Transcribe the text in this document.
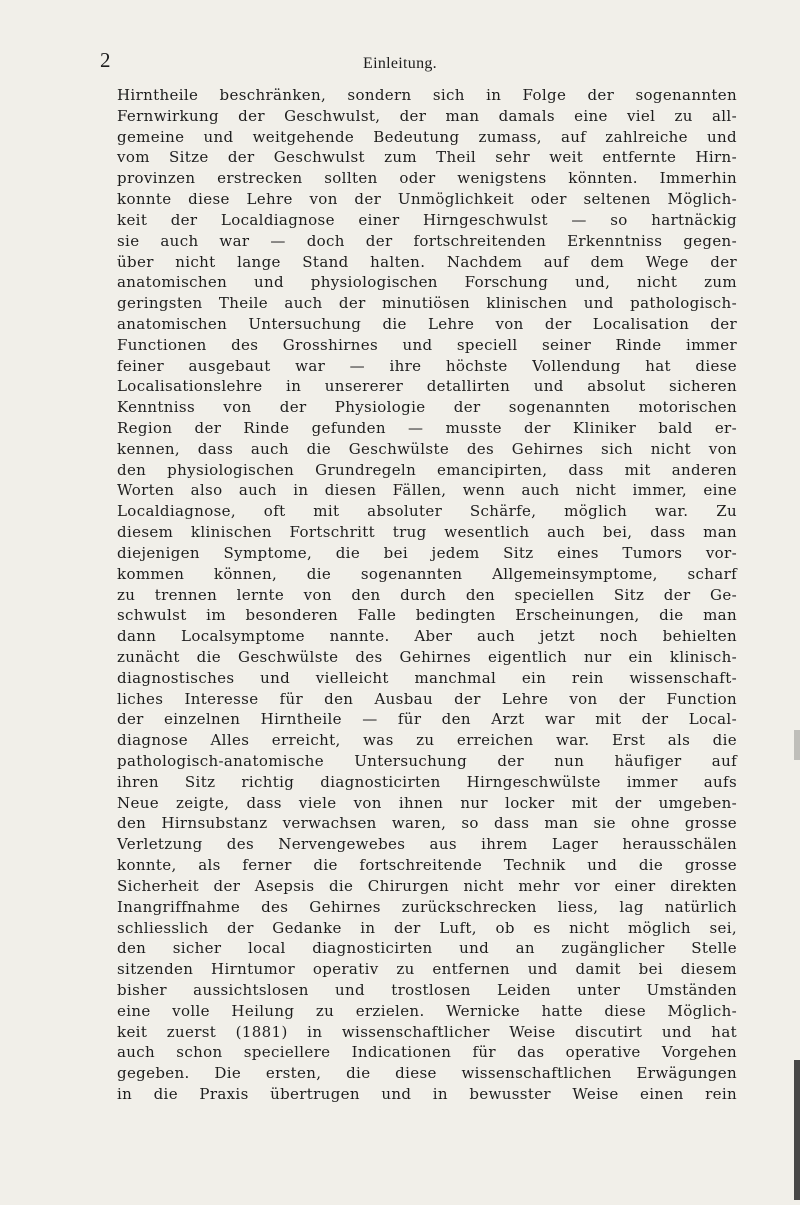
2	Einleitung.
Hirntheile beschränken, sondern sich in Folge der sogenannten
Fernwirkung der Geschwulst, der man damals eine viel zu all-
gemeine und weitgehende Bedeutung zumass, auf zahlreiche und
vom Sitze der Geschwulst zum Theil sehr weit entfernte Hirn-
provinzen erstrecken sollten oder wenigstens könnten. Immerhin
konnte diese Lehre von der Unmöglichkeit oder seltenen Möglich-
keit der Localdiagnose einer Hirngeschwulst — so hartnäckig
sie auch war — doch der fortschreitenden Erkenntniss gegen-
über nicht lange Stand halten. Nachdem auf dem Wege der
anatomischen und physiologischen Forschung und, nicht zum
geringsten Theile auch der minutiösen klinischen und pathologisch-
anatomischen Untersuchung die Lehre von der Localisation der
Functionen des Grosshirnes und speciell seiner Rinde immer
feiner ausgebaut war — ihre höchste Vollendung hat diese
Localisationslehre in unsererer detallirten und absolut sicheren
Kenntniss von der Physiologie der sogenannten motorischen
Region der Rinde gefunden — musste der Kliniker bald er-
kennen, dass auch die Geschwülste des Gehirnes sich nicht von
den physiologischen Grundregeln emancipirten, dass mit anderen
Worten also auch in diesen Fällen, wenn auch nicht immer, eine
Localdiagnose, oft mit absoluter Schärfe, möglich war. Zu
diesem klinischen Fortschritt trug wesentlich auch bei, dass man
diejenigen Symptome, die bei jedem Sitz eines Tumors vor-
kommen können, die sogenannten Allgemeinsymptome, scharf
zu trennen lernte von den durch den speciellen Sitz der Ge-
schwulst im besonderen Falle bedingten Erscheinungen, die man
dann Localsymptome nannte. Aber auch jetzt noch behielten
zunächt die Geschwülste des Gehirnes eigentlich nur ein klinisch-
diagnostisches und vielleicht manchmal ein rein wissenschaft-
liches Interesse für den Ausbau der Lehre von der Function
der einzelnen Hirntheile — für den Arzt war mit der Local-
diagnose Alles erreicht, was zu erreichen war. Erst als die
pathologisch-anatomische Untersuchung der nun häufiger auf
ihren Sitz richtig diagnosticirten Hirngeschwülste immer aufs
Neue zeigte, dass viele von ihnen nur locker mit der umgeben-
den Hirnsubstanz verwachsen waren, so dass man sie ohne grosse
Verletzung des Nervengewebes aus ihrem Lager herausschälen
konnte, als ferner die fortschreitende Technik und die grosse
Sicherheit der Asepsis die Chirurgen nicht mehr vor einer direkten
Inangriffnahme des Gehirnes zurückschrecken liess, lag natürlich
schliesslich der Gedanke in der Luft, ob es nicht möglich sei,
den sicher local diagnosticirten und an zugänglicher Stelle
sitzenden Hirntumor operativ zu entfernen und damit bei diesem
bisher aussichtslosen und trostlosen Leiden unter Umständen
eine volle Heilung zu erzielen. Wernicke hatte diese Möglich-
keit zuerst (1881) in wissenschaftlicher Weise discutirt und hat
auch schon speciellere Indicationen für das operative Vorgehen
gegeben. Die ersten, die diese wissenschaftlichen Erwägungen
in die Praxis übertrugen und in bewusster Weise einen rein
